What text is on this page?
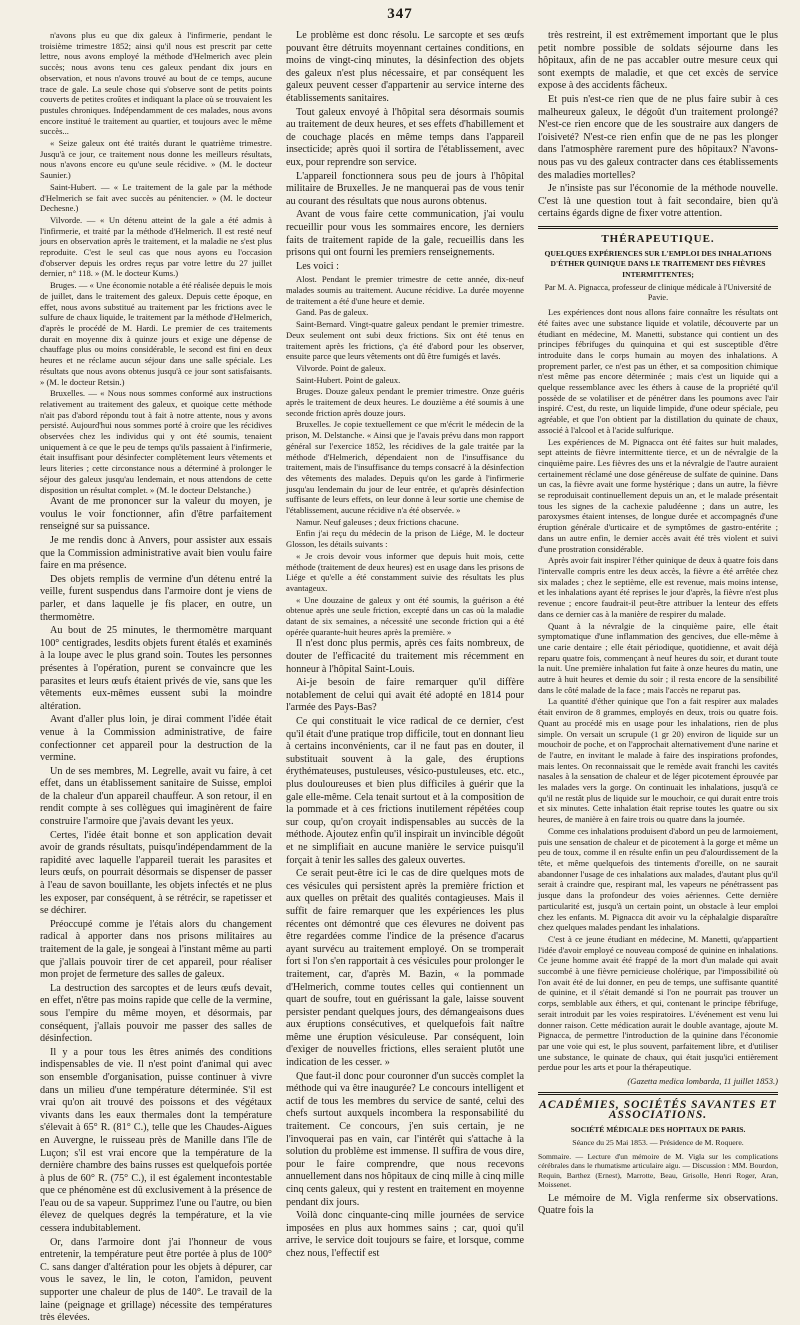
347

n'avons plus eu que dix galeux à l'infirmerie, pendant le troisième trimestre 1852; ainsi qu'il nous est prescrit par cette lettre, nous avons employé la méthode d'Helmerich avec plein succès; nous avons tenu ces galeux pendant dix jours en observation, et nous n'avons trouvé au bout de ce temps, aucune trace de gale. La seule chose qui s'observe sont de petits points couverts de petites croûtes et indiquant la place où se trouvaient les pustules chroniques. Indépendamment de ces malades, nous avons encore institué le traitement au quartier, et toujours avec le même succès...

« Seize galeux ont été traités durant le quatrième trimestre. Jusqu'à ce jour, ce traitement nous donne les meilleurs résultats, nous n'avons encore eu qu'une seule récidive. » (M. le docteur Saunier.)

Saint-Hubert. — « Le traitement de la gale par la méthode d'Helmerich se fait avec succès au pénitencier. » (M. le docteur Dechesne.)

Vilvorde. — « Un détenu atteint de la gale a été admis à l'infirmerie, et traité par la méthode d'Helmerich. Il est resté neuf jours en observation après le traitement, et la maladie ne s'est plus reproduite. C'est le seul cas que nous ayons eu l'occasion d'observer depuis les ordres reçus par votre lettre du 27 juillet dernier, n° 118. » (M. le docteur Kums.)

Bruges. — « Une économie notable a été réalisée depuis le mois de juillet, dans le traitement des galeux. Depuis cette époque, en effet, nous avons substitué au traitement par les frictions avec le sulfure de chaux liquide, le traitement par la méthode d'Helmerich, d'après le procédé de M. Hardi. Le premier de ces traitements durait en moyenne dix à quinze jours et exige une dépense de chauffage plus ou moins considérable, le second est fini en deux heures et ne réclame aucun séjour dans une salle spéciale. Les résultats que nous avons obtenus jusqu'à ce jour sont satisfaisants. » (M. le docteur Retsin.)

Bruxelles. — « Nous nous sommes conformé aux instructions relativement au traitement des galeux, et quoique cette méthode n'ait pas d'abord répondu tout à fait à notre attente, nous y avons persisté. Aujourd'hui nous sommes porté à croire que les récidives observées chez les individus qui y ont été soumis, tenaient uniquement à ce que le peu de temps qu'ils passaient à l'infirmerie, était insuffisant pour désinfecter complètement leurs vêtements et leurs literies ; cette circonstance nous a déterminé à prolonger le séjour des galeux jusqu'au lendemain, et nous attendons de cette disposition un résultat complet. » (M. le docteur Delstanche.)

Avant de me prononcer sur la valeur du moyen, je voulus le voir fonctionner, afin d'être parfaitement renseigné sur sa puissance.

Je me rendis donc à Anvers, pour assister aux essais que la Commission administrative avait bien voulu faire faire en ma présence.

Des objets remplis de vermine d'un détenu entré la veille, furent suspendus dans l'armoire dont je viens de parler, et dans laquelle je fis placer, en outre, un thermomètre.

Au bout de 25 minutes, le thermomètre marquant 100° centigrades, lesdits objets furent étalés et examinés à la loupe avec le plus grand soin. Toutes les personnes présentes à l'opération, purent se convaincre que les parasites et leurs œufs étaient privés de vie, sans que les vêtements eux-mêmes eussent subi la moindre altération.

Avant d'aller plus loin, je dirai comment l'idée était venue à la Commission administrative, de faire confectionner cet appareil pour la destruction de la vermine.

Un de ses membres, M. Legrelle, avait vu faire, à cet effet, dans un établissement sanitaire de Suisse, emploi de la chaleur d'un appareil chauffeur. A son retour, il en rendit compte à ses collègues qui imaginèrent de faire construire l'armoire que j'avais devant les yeux.

Certes, l'idée était bonne et son application devait avoir de grands résultats, puisqu'indépendamment de la rapidité avec laquelle l'appareil tuerait les parasites et leurs œufs, on pourrait désormais se dispenser de passer à l'eau de savon bouillante, les objets infectés et ne plus les exposer, par conséquent, à se rétrécir, se rapetisser et se déchirer.

Préoccupé comme je l'étais alors du changement radical à apporter dans nos prisons militaires au traitement de la gale, je songeai à l'instant même au parti que j'allais pouvoir tirer de cet appareil, pour réaliser mon projet de fermeture des salles de galeux.

La destruction des sarcoptes et de leurs œufs devait, en effet, n'être pas moins rapide que celle de la vermine, sous l'empire du même moyen, et désormais, par conséquent, j'allais pouvoir me passer des salles de désinfection.

Il y a pour tous les êtres animés des conditions indispensables de vie. Il n'est point d'animal qui avec son ensemble d'organisation, puisse continuer à vivre dans un milieu d'une température déterminée. S'il est vrai qu'on ait trouvé des poissons et des végétaux vivants dans les eaux thermales dont la température s'élevait à 65° R. (81° C.), telle que les Chaudes-Aigues en Auvergne, le ruisseau près de Manille dans l'île de Luçon; s'il est vrai encore que la température de la dernière chambre des bains russes est quelquefois portée à plus de 60° R. (75° C.), il est également incontestable que ce phénomène est dû exclusivement à la présence de l'eau ou de sa vapeur. Supprimez l'une ou l'autre, ou bien élevez de quelques degrés la température, et la vie cessera indubitablement.

Or, dans l'armoire dont j'ai l'honneur de vous entretenir, la température peut être portée à plus de 100° C. sans danger d'altération pour les objets à dépurer, car vous le savez, le lin, le coton, l'amidon, peuvent supporter une chaleur de plus de 140°. Le travail de la laine (peignage et grillage) nécessite des températures très élevées.

Le problème est donc résolu. Le sarcopte et ses œufs pouvant être détruits moyennant certaines conditions, en moins de vingt-cinq minutes, la désinfection des objets des galeux n'est plus nécessaire, et par conséquent les galeux peuvent cesser d'appartenir au service interne des établissements sanitaires.

Tout galeux envoyé à l'hôpital sera désormais soumis au traitement de deux heures, et ses effets d'habillement et de couchage placés en même temps dans l'appareil insecticide; après quoi il sortira de l'établissement, avec eux, pour reprendre son service.

L'appareil fonctionnera sous peu de jours à l'hôpital militaire de Bruxelles. Je ne manquerai pas de vous tenir au courant des résultats que nous aurons obtenus.

Avant de vous faire cette communication, j'ai voulu recueillir pour vous les sommaires encore, les derniers faits de traitement rapide de la gale, recueillis dans les prisons qui ont fourni les premiers renseignements.

Les voici :

Alost. Pendant le premier trimestre de cette année, dix-neuf malades soumis au traitement. Aucune récidive. La durée moyenne de traitement a été d'une heure et demie.

Gand. Pas de galeux.

Saint-Bernard. Vingt-quatre galeux pendant le premier trimestre. Deux seulement ont subi deux frictions. Six ont été tenus en traitement après les frictions, ç'a été d'abord pour les observer, ensuite parce que leurs vêtements ont dû être fumigés et lavés.

Vilvorde. Point de galeux.

Saint-Hubert. Point de galeux.

Bruges. Douze galeux pendant le premier trimestre. Onze guéris après le traitement de deux heures. Le douzième a été soumis à une seconde friction après douze jours.

Bruxelles. Je copie textuellement ce que m'écrit le médecin de la prison, M. Delstanche. « Ainsi que je l'avais prévu dans mon rapport général sur l'exercice 1852, les récidives de la gale traitée par la méthode d'Helmerich, dépendaient non de l'insuffisance du traitement, mais de l'insuffisance du temps consacré à la désinfection des vêtements des malades. Depuis qu'on les garde à l'infirmerie jusqu'au lendemain du jour de leur entrée, et qu'après désinfection suffisante de leurs effets, on leur donne à leur sortie une chemise de l'établissement, aucune récidive n'a été observée. »

Namur. Neuf galeuses ; deux frictions chacune.

Enfin j'ai reçu du médecin de la prison de Liége, M. le docteur Glosson, les détails suivants :

« Je crois devoir vous informer que depuis huit mois, cette méthode (traitement de deux heures) est en usage dans les prisons de Liége et qu'elle a été constamment suivie des résultats les plus avantageux.

« Une douzaine de galeux y ont été soumis, la guérison a été obtenue après une seule friction, excepté dans un cas où la maladie datant de six semaines, a nécessité une seconde friction qui a été opérée quarante-huit heures après la première. »

Il n'est donc plus permis, après ces faits nombreux, de douter de l'efficacité du traitement mis récemment en honneur à l'hôpital Saint-Louis.

Ai-je besoin de faire remarquer qu'il diffère notablement de celui qui avait été adopté en 1814 pour l'armée des Pays-Bas?

Ce qui constituait le vice radical de ce dernier, c'est qu'il était d'une pratique trop difficile, tout en donnant lieu à certains inconvénients, car il ne faut pas en douter, il substituait souvent à la gale, des éruptions érythémateuses, pustuleuses, vésico-pustuleuses, etc. etc., plus douloureuses et bien plus difficiles à guérir que la gale elle-même. Cela tenait surtout et à la composition de la pommade et à ces frictions inutilement répétées coup sur coup, qu'on croyait indispensables au succès de la méthode. Ajoutez enfin qu'il inspirait un invincible dégoût et ne simplifiait en aucune manière le service puisqu'il forçait à tenir les salles des galeux ouvertes.

Ce serait peut-être ici le cas de dire quelques mots de ces vésicules qui persistent après la première friction et aux quelles on prêtait des qualités contagieuses. Mais il suffit de faire remarquer que les expériences les plus récentes ont démontré que ces élevures ne doivent pas être regardées comme l'indice de la présence d'acarus ayant survécu au traitement employé. On se tromperait fort si l'on s'en rapportait à ces vésicules pour prolonger le traitement, car, d'après M. Bazin, « la pommade d'Helmerich, comme toutes celles qui contiennent un quart de soufre, tout en guérissant la gale, laisse souvent persister pendant quelques jours, des démangeaisons dues aux éruptions consécutives, et quelquefois fait naître même une éruption vésiculeuse. Par conséquent, loin d'exiger de nouvelles frictions, elles seraient plutôt une indication de les cesser. »

Que faut-il donc pour couronner d'un succès complet la méthode qui va être inaugurée? Le concours intelligent et actif de tous les membres du service de santé, celui des chefs surtout auxquels incombera la responsabilité du traitement. Ce concours, j'en suis certain, je ne l'invoquerai pas en vain, car l'intérêt qui s'attache à la solution du problème est immense. Il suffira de vous dire, pour le faire comprendre, que nous recevons annuellement dans nos hôpitaux de cinq mille à cinq mille cinq cents galeux, qui y restent en traitement en moyenne pendant dix jours.

Voilà donc cinquante-cinq mille journées de service imposées en plus aux hommes sains ; car, quoi qu'il arrive, le service doit toujours se faire, et lorsque, comme chez nous, l'effectif est

très restreint, il est extrêmement important que le plus petit nombre possible de soldats séjourne dans les hôpitaux, afin de ne pas accabler outre mesure ceux qui sont exempts de maladie, et que cet excès de service expose à des accidents fâcheux.

Et puis n'est-ce rien que de ne plus faire subir à ces malheureux galeux, le dégoût d'un traitement prolongé? N'est-ce rien encore que de les soustraire aux dangers de l'oisiveté? N'est-ce rien enfin que de ne pas les plonger dans l'atmosphère rarement pure des hôpitaux? N'avons-nous pas vu des galeux contracter dans ces établissements des maladies mortelles?

Je n'insiste pas sur l'économie de la méthode nouvelle. C'est là une question tout à fait secondaire, bien qu'à certains égards digne de fixer votre attention.

THÉRAPEUTIQUE.
QUELQUES EXPÉRIENCES SUR L'EMPLOI DES INHALATIONS D'ÉTHER QUINIQUE DANS LE TRAITEMENT DES FIÈVRES INTERMITTENTES;
Par M. A. Pignacca, professeur de clinique médicale à l'Université de Pavie.

Les expériences dont nous allons faire connaître les résultats ont été faites avec une substance liquide et volatile, découverte par un étudiant en médecine, M. Manetti, substance qui contient un des principes fébrifuges du quinquina et qui est susceptible d'être introduite dans le corps humain au moyen des inhalations. A proprement parler, ce n'est pas un éther, et sa composition chimique n'est même pas encore déterminée ; mais c'est un liquide qui a quelque ressemblance avec les éthers à cause de la propriété qu'il possède de se volatiliser et de pénétrer dans les poumons avec l'air inspiré. C'est, du reste, un liquide limpide, d'une odeur spéciale, peu agréable, et que l'on obtient par la distillation du quinate de chaux, associé à l'alcool et à l'acide sulfurique.

Les expériences de M. Pignacca ont été faites sur huit malades, sept atteints de fièvre intermittente tierce, et un de névralgie de la cinquième paire. Les fièvres des uns et la névralgie de l'autre auraient certainement réclamé une dose généreuse de sulfate de quinine. Dans un cas, la fièvre avait une forme hystérique ; dans un autre, la fièvre se reproduisait continuellement depuis un an, et le malade présentait tous les signes de la cachexie paludéenne ; dans un autre, les paroxysmes étaient intenses, de longue durée et accompagnés d'une éruption générale d'urticaire et de symptômes de gastro-entérite ; dans un autre enfin, le dernier accès avait été très violent et suivi d'une prostration considérable.

Après avoir fait inspirer l'éther quinique de deux à quatre fois dans l'intervalle compris entre les deux accès, la fièvre a été arrêtée chez six malades ; chez le septième, elle est revenue, mais moins intense, et les inhalations ayant été reprises le jour d'après, la fièvre n'est plus revenue ; encore faudrait-il peut-être attribuer la lenteur des effets dans ce dernier cas à la manière de respirer du malade.

Quant à la névralgie de la cinquième paire, elle était symptomatique d'une inflammation des gencives, due elle-même à une carie dentaire ; elle était périodique, quotidienne, et avait déjà reparu quatre fois, commençant à neuf heures du soir, et durant toute la nuit. Une première inhalation fut faite à onze heures du matin, une autre à huit heures et demie du soir ; il resta encore de la sensibilité dans le côté malade de la face ; mais l'accès ne reparut pas.

La quantité d'éther quinique que l'on a fait respirer aux malades était environ de 8 grammes, employés en deux, trois ou quatre fois. Quant au procédé mis en usage pour les inhalations, rien de plus simple. On versait un scrupule (1 gr 20) environ de liquide sur un mouchoir de poche, et on l'approchait alternativement d'une narine et de l'autre, en invitant le malade à faire des inspirations profondes, mais lentes. On reconnaissait que le remède avait franchi les cavités nasales à la sensation de chaleur et de léger picotement éprouvée par les malades vers la gorge. On continuait les inhalations, jusqu'à ce qu'il ne restât plus de liquide sur le mouchoir, ce qui durait entre trois et six minutes. Cette inhalation était reprise toutes les quatre ou six heures, de manière à en faire trois ou quatre dans la journée.

Comme ces inhalations produisent d'abord un peu de larmoiement, puis une sensation de chaleur et de picotement à la gorge et même un peu de toux, comme il en résulte enfin un peu d'alourdissement de la tête, et même quelquefois des tintements d'oreille, on ne saurait abandonner l'usage de ces inhalations aux malades, d'autant plus qu'il serait à craindre que, respirant mal, les vapeurs ne pénétrassent pas jusque dans la profondeur des voies aériennes. Cette dernière particularité est, jusqu'à un certain point, un obstacle à leur emploi chez les enfants. M. Pignacca dit avoir vu la céphalalgie disparaître chez quelques malades pendant les inhalations.

C'est à ce jeune étudiant en médecine, M. Manetti, qu'appartient l'idée d'avoir employé ce nouveau composé de quinine en inhalations. Ce jeune homme avait été frappé de la mort d'un malade qui avait succombé à une fièvre pernicieuse cholérique, par l'impossibilité où l'on avait été de lui donner, en peu de temps, une suffisante quantité de quinine, et il s'était demandé si l'on ne pourrait pas trouver un corps, semblable aux éthers, et qui, contenant le principe fébrifuge, serait introduit par les voies respiratoires. L'événement est venu lui donner raison. Cette médication aurait le double avantage, ajoute M. Pignacca, de permettre l'introduction de la quinine dans l'économie par une voie qui est, le plus souvent, parfaitement libre, et d'utiliser une substance, le quinate de chaux, qui était jusqu'ici entièrement perdue pour les arts et pour la thérapeutique.

(Gazetta medica lombarda, 11 juillet 1853.)
ACADÉMIES, SOCIÉTÉS SAVANTES ET ASSOCIATIONS.
SOCIÉTÉ MÉDICALE DES HOPITAUX DE PARIS.
Séance du 25 Mai 1853. — Présidence de M. Roquere.
Sommaire. — Lecture d'un mémoire de M. Vigla sur les complications cérébrales dans le rhumatisme articulaire aigu. — Discussion : MM. Bourdon, Requin, Barthez (Ernest), Marrotte, Beau, Grisolle, Henri Roger, Aran, Moissenet.

Le mémoire de M. Vigla renferme six observations. Quatre fois la
